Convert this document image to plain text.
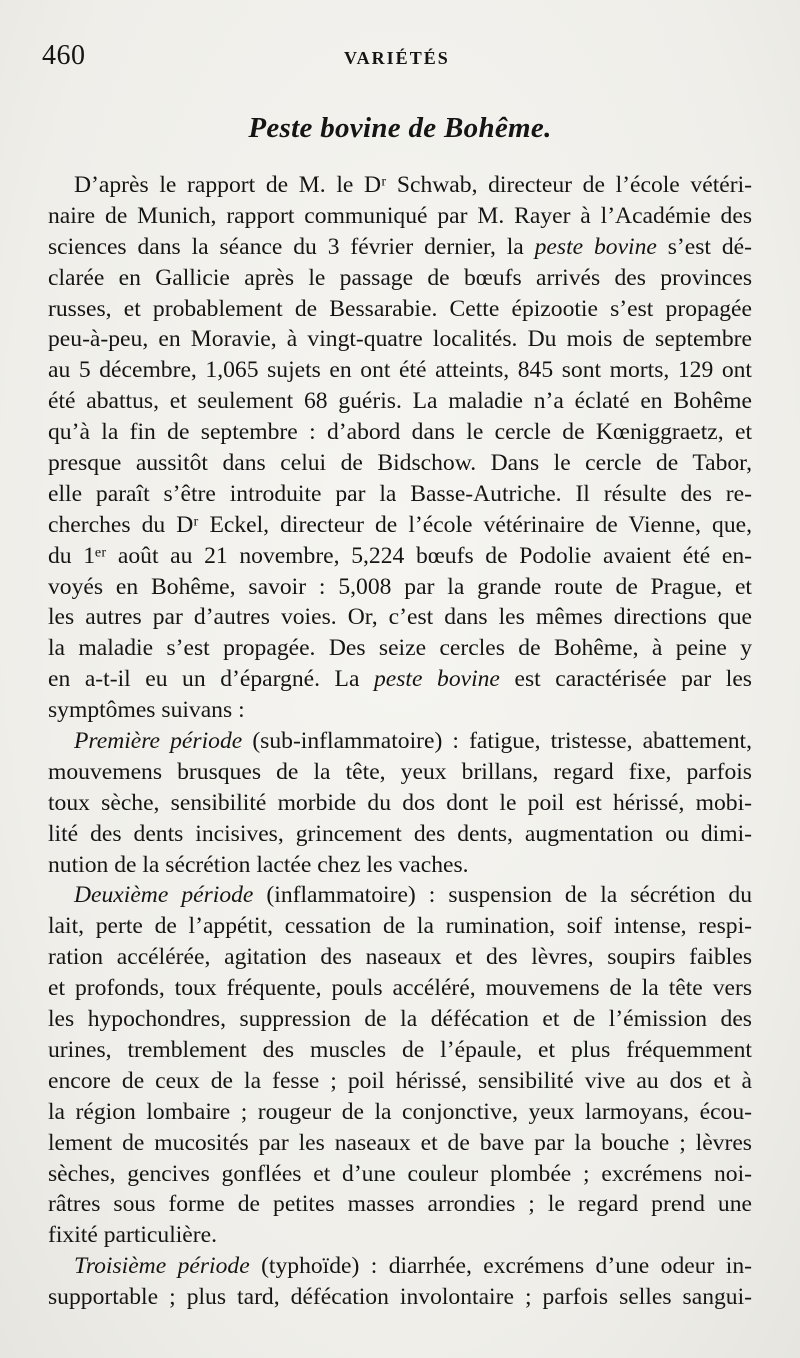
460	VARIÉTÉS
Peste bovine de Bohême.
D’après le rapport de M. le Dʳ Schwab, directeur de l’école vétéri-
naire de Munich, rapport communiqué par M. Rayer à l’Académie des
sciences dans la séance du 3 février dernier, la peste bovine s’est dé-
clarée en Gallicie après le passage de bœufs arrivés des provinces
russes, et probablement de Bessarabie. Cette épizootie s’est propagée
peu-à-peu, en Moravie, à vingt-quatre localités. Du mois de septembre
au 5 décembre, 1,065 sujets en ont été atteints, 845 sont morts, 129 ont
été abattus, et seulement 68 guéris. La maladie n’a éclaté en Bohême
qu’à la fin de septembre : d’abord dans le cercle de Kœniggraetz, et
presque aussitôt dans celui de Bidschow. Dans le cercle de Tabor,
elle paraît s’être introduite par la Basse-Autriche. Il résulte des re-
cherches du Dʳ Eckel, directeur de l’école vétérinaire de Vienne, que,
du 1ᵉʳ août au 21 novembre, 5,224 bœufs de Podolie avaient été en-
voyés en Bohême, savoir : 5,008 par la grande route de Prague, et
les autres par d’autres voies. Or, c’est dans les mêmes directions que
la maladie s’est propagée. Des seize cercles de Bohême, à peine y
en a-t-il eu un d’épargné. La peste bovine est caractérisée par les
symptômes suivans :
Première période (sub-inflammatoire) : fatigue, tristesse, abattement,
mouvemens brusques de la tête, yeux brillans, regard fixe, parfois
toux sèche, sensibilité morbide du dos dont le poil est hérissé, mobi-
lité des dents incisives, grincement des dents, augmentation ou dimi-
nution de la sécrétion lactée chez les vaches.
Deuxième période (inflammatoire) : suspension de la sécrétion du
lait, perte de l’appétit, cessation de la rumination, soif intense, respi-
ration accélérée, agitation des naseaux et des lèvres, soupirs faibles
et profonds, toux fréquente, pouls accéléré, mouvemens de la tête vers
les hypochondres, suppression de la défécation et de l’émission des
urines, tremblement des muscles de l’épaule, et plus fréquemment
encore de ceux de la fesse ; poil hérissé, sensibilité vive au dos et à
la région lombaire ; rougeur de la conjonctive, yeux larmoyans, écou-
lement de mucosités par les naseaux et de bave par la bouche ; lèvres
sèches, gencives gonflées et d’une couleur plombée ; excrémens noi-
râtres sous forme de petites masses arrondies ; le regard prend une
fixité particulière.
Troisième période (typhoïde) : diarrhée, excrémens d’une odeur in-
supportable ; plus tard, défécation involontaire ; parfois selles sangui-
